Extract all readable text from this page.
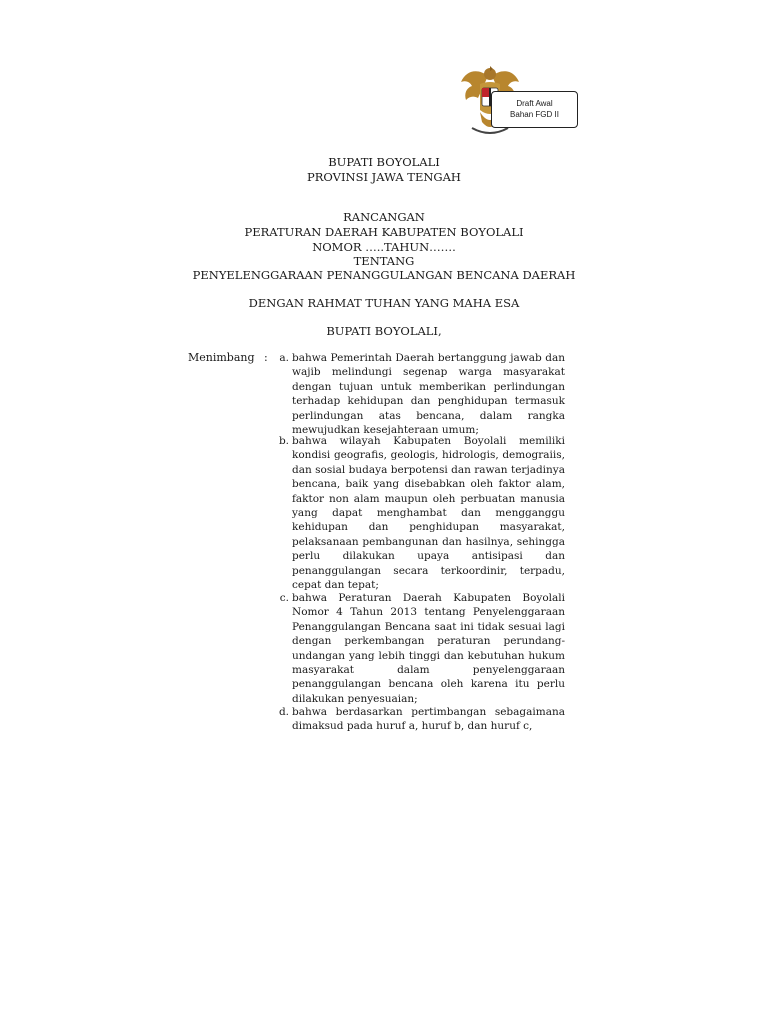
Draft Awal
Bahan FGD II
BUPATI BOYOLALI
PROVINSI JAWA TENGAH
RANCANGAN
PERATURAN DAERAH KABUPATEN BOYOLALI
NOMOR …..TAHUN…….
TENTANG
PENYELENGGARAAN PENANGGULANGAN BENCANA DAERAH
DENGAN RAHMAT TUHAN YANG MAHA ESA
BUPATI BOYOLALI,
Menimbang :	a. bahwa Pemerintah Daerah bertanggung jawab dan wajib melindungi segenap warga masyarakat dengan tujuan untuk memberikan perlindungan terhadap kehidupan dan penghidupan termasuk perlindungan atas bencana, dalam rangka mewujudkan kesejahteraan umum;
b. bahwa wilayah Kabupaten Boyolali memiliki kondisi geografis, geologis, hidrologis, demograiis, dan sosial budaya berpotensi dan rawan terjadinya bencana, baik yang disebabkan oleh faktor alam, faktor non alam maupun oleh perbuatan manusia yang dapat menghambat dan mengganggu kehidupan dan penghidupan masyarakat, pelaksanaan pembangunan dan hasilnya, sehingga perlu dilakukan upaya antisipasi dan penanggulangan secara terkoordinir, terpadu, cepat dan tepat;
c. bahwa Peraturan Daerah Kabupaten Boyolali Nomor 4 Tahun 2013 tentang Penyelenggaraan Penanggulangan Bencana saat ini tidak sesuai lagi dengan perkembangan peraturan perundang-undangan yang lebih tinggi dan kebutuhan hukum masyarakat dalam penyelenggaraan penanggulangan bencana oleh karena itu perlu dilakukan penyesuaian;
d. bahwa berdasarkan pertimbangan sebagaimana dimaksud pada huruf a, huruf b, dan huruf c,
